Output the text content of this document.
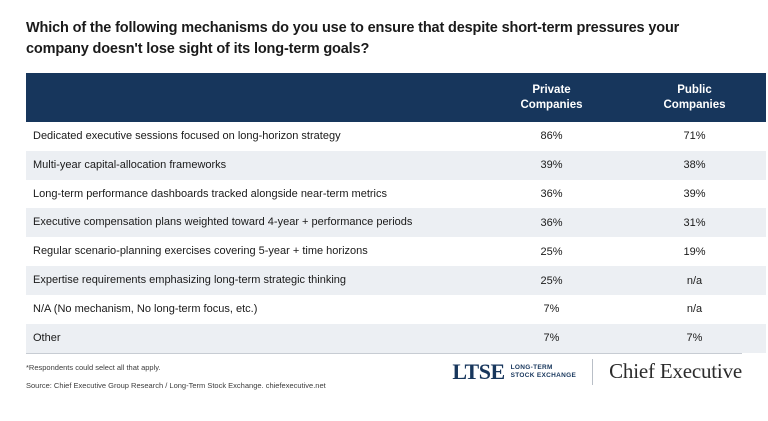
Which of the following mechanisms do you use to ensure that despite short-term pressures your company doesn't lose sight of its long-term goals?

Private
Companies

Public
Companies

Dedicated executive sessions focused on long-horizon strategy	86%	71%
Multi-year capital-allocation frameworks	39%	38%
Long-term performance dashboards tracked alongside near-term metrics	36%	39%
Executive compensation plans weighted toward 4-year + performance periods	36%	31%
Regular scenario-planning exercises covering 5-year + time horizons	25%	19%
Expertise requirements emphasizing long-term strategic thinking	25%	n/a
N/A (No mechanism, No long-term focus, etc.)	7%	n/a
Other	7%	7%

*Respondents could select all that apply.

Source: Chief Executive Group Research / Long-Term Stock Exchange. chiefexecutive.net

LTSE LONG-TERM
STOCK EXCHANGE Chief Executive
